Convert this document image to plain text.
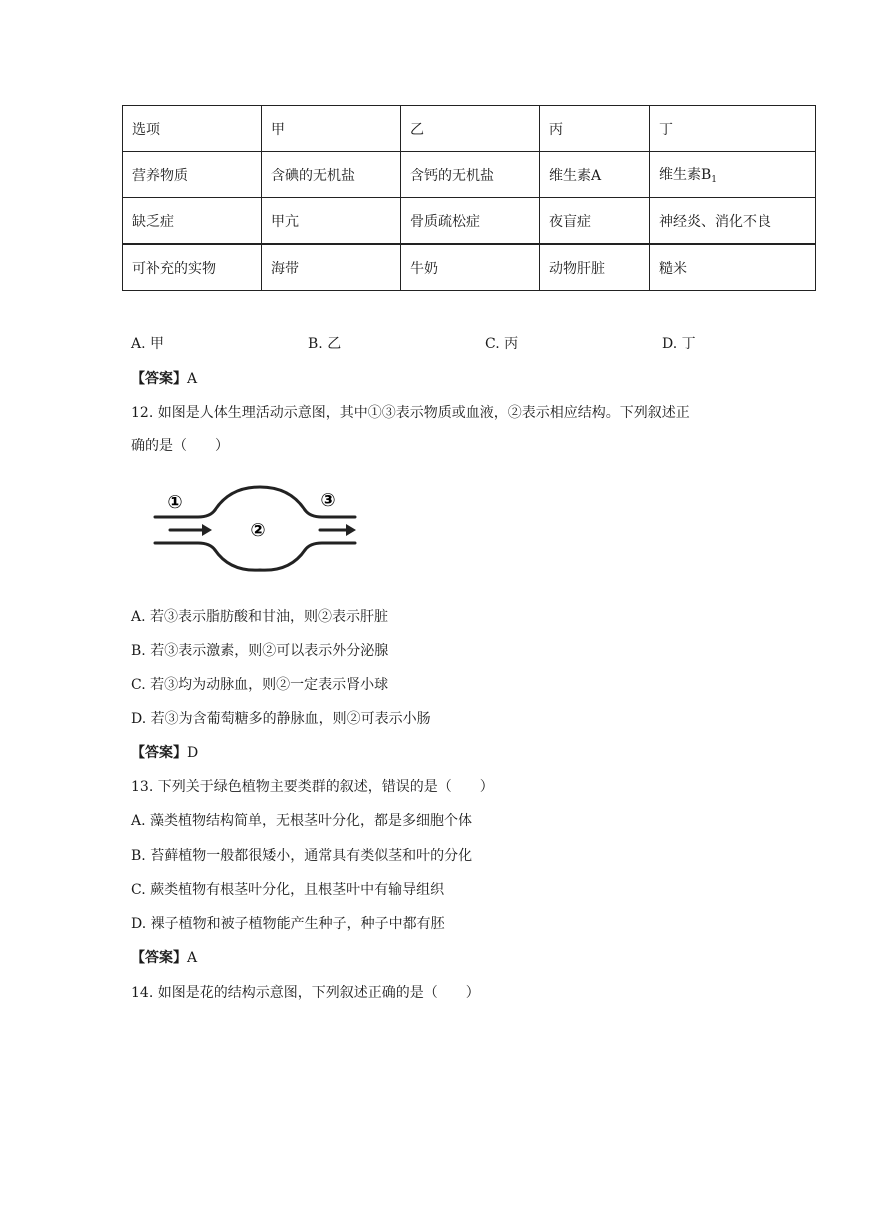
选项	甲	乙	丙	丁
营养物质	含碘的无机盐	含钙的无机盐	维生素A	维生素$B_1$
缺乏症	甲亢	骨质疏松症	夜盲症	神经炎、消化不良
可补充的实物	海带	牛奶	动物肝脏	糙米
A. 甲	B. 乙	C. 丙	D. 丁
【答案】A
12. 如图是人体生理活动示意图，其中①③表示物质或血液，②表示相应结构。下列叙述正
确的是（　　）
①
②
③
A. 若③表示脂肪酸和甘油，则②表示肝脏
B. 若③表示激素，则②可以表示外分泌腺
C. 若③均为动脉血，则②一定表示肾小球
D. 若③为含葡萄糖多的静脉血，则②可表示小肠
【答案】D
13. 下列关于绿色植物主要类群的叙述，错误的是（　　）
A. 藻类植物结构简单，无根茎叶分化，都是多细胞个体
B. 苔藓植物一般都很矮小，通常具有类似茎和叶的分化
C. 蕨类植物有根茎叶分化，且根茎叶中有输导组织
D. 裸子植物和被子植物能产生种子，种子中都有胚
【答案】A
14. 如图是花的结构示意图，下列叙述正确的是（　　）
